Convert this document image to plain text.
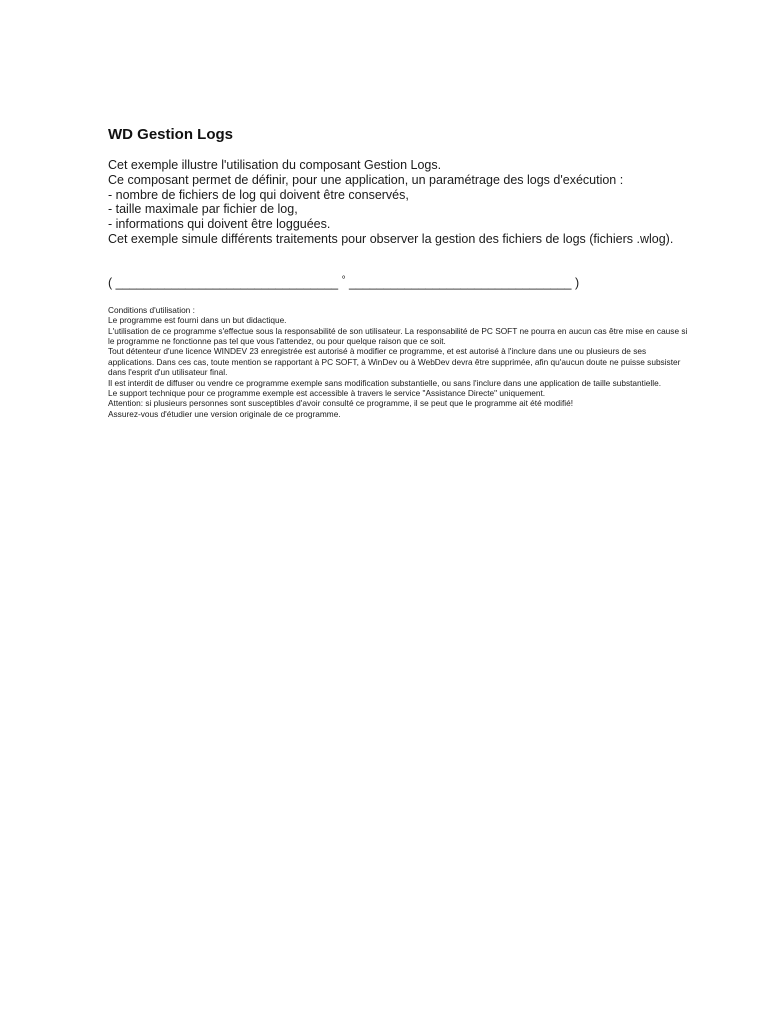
WD Gestion Logs

Cet exemple illustre l'utilisation du composant Gestion Logs.

Ce composant permet de définir, pour une application, un paramétrage des logs d'exécution :

- nombre de fichiers de log qui doivent être conservés,

- taille maximale par fichier de log,

- informations qui doivent être logguées.

Cet exemple simule différents traitements pour observer la gestion des fichiers de logs (fichiers .wlog).

( ________________________________ ° ________________________________ )

Conditions d'utilisation :

Le programme est fourni dans un but didactique.

L'utilisation de ce programme s'effectue sous la responsabilité de son utilisateur. La responsabilité de PC SOFT ne pourra en aucun cas être mise en cause si le programme ne fonctionne pas tel que vous l'attendez, ou pour quelque raison que ce soit.

Tout détenteur d'une licence WINDEV 23 enregistrée est autorisé à modifier ce programme, et est autorisé à l'inclure dans une ou plusieurs de ses applications. Dans ces cas, toute mention se rapportant à PC SOFT, à WinDev ou à WebDev devra être supprimée, afin qu'aucun doute ne puisse subsister dans l'esprit d'un utilisateur final.

Il est interdit de diffuser ou vendre ce programme exemple sans modification substantielle, ou sans l'inclure dans une application de taille substantielle.

Le support technique pour ce programme exemple est accessible à travers le service "Assistance Directe" uniquement.

Attention: si plusieurs personnes sont susceptibles d'avoir consulté ce programme, il se peut que le programme ait été modifié!

Assurez-vous d'étudier une version originale de ce programme.
